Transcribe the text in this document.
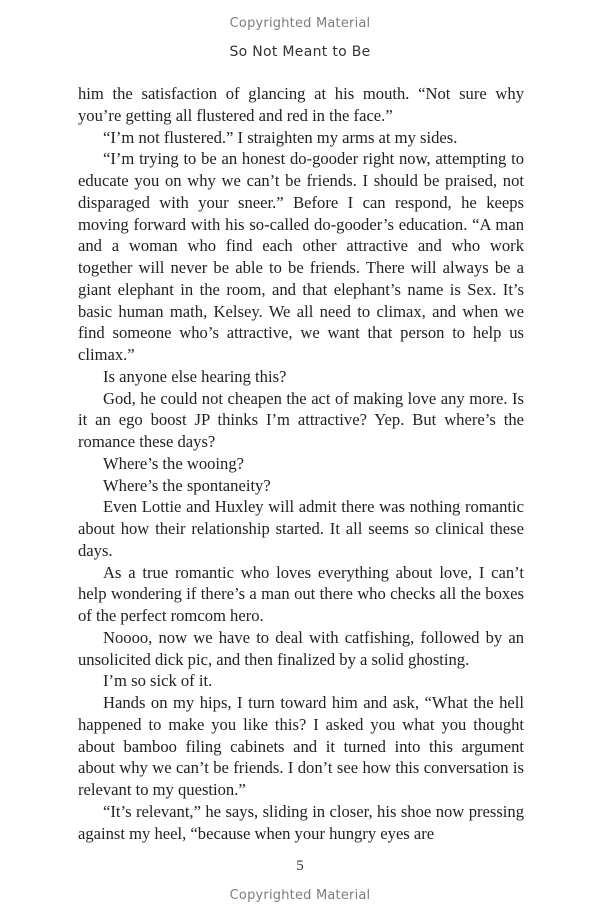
Copyrighted Material
So Not Meant to Be

him the satisfaction of glancing at his mouth. “Not sure why you’re getting all flustered and red in the face.”

“I’m not flustered.” I straighten my arms at my sides.

“I’m trying to be an honest do-gooder right now, attempting to educate you on why we can’t be friends. I should be praised, not disparaged with your sneer.” Before I can respond, he keeps moving forward with his so-called do-gooder’s education. “A man and a woman who find each other attractive and who work together will never be able to be friends. There will always be a giant elephant in the room, and that elephant’s name is Sex. It’s basic human math, Kelsey. We all need to climax, and when we find someone who’s attractive, we want that person to help us climax.”

Is anyone else hearing this?

God, he could not cheapen the act of making love any more. Is it an ego boost JP thinks I’m attractive? Yep. But where’s the romance these days?

Where’s the wooing?

Where’s the spontaneity?

Even Lottie and Huxley will admit there was nothing romantic about how their relationship started. It all seems so clinical these days.

As a true romantic who loves everything about love, I can’t help wondering if there’s a man out there who checks all the boxes of the perfect romcom hero.

Noooo, now we have to deal with catfishing, followed by an unsolicited dick pic, and then finalized by a solid ghosting.

I’m so sick of it.

Hands on my hips, I turn toward him and ask, “What the hell happened to make you like this? I asked you what you thought about bamboo filing cabinets and it turned into this argument about why we can’t be friends. I don’t see how this conversation is relevant to my question.”

“It’s relevant,” he says, sliding in closer, his shoe now pressing against my heel, “because when your hungry eyes are

5
Copyrighted Material
